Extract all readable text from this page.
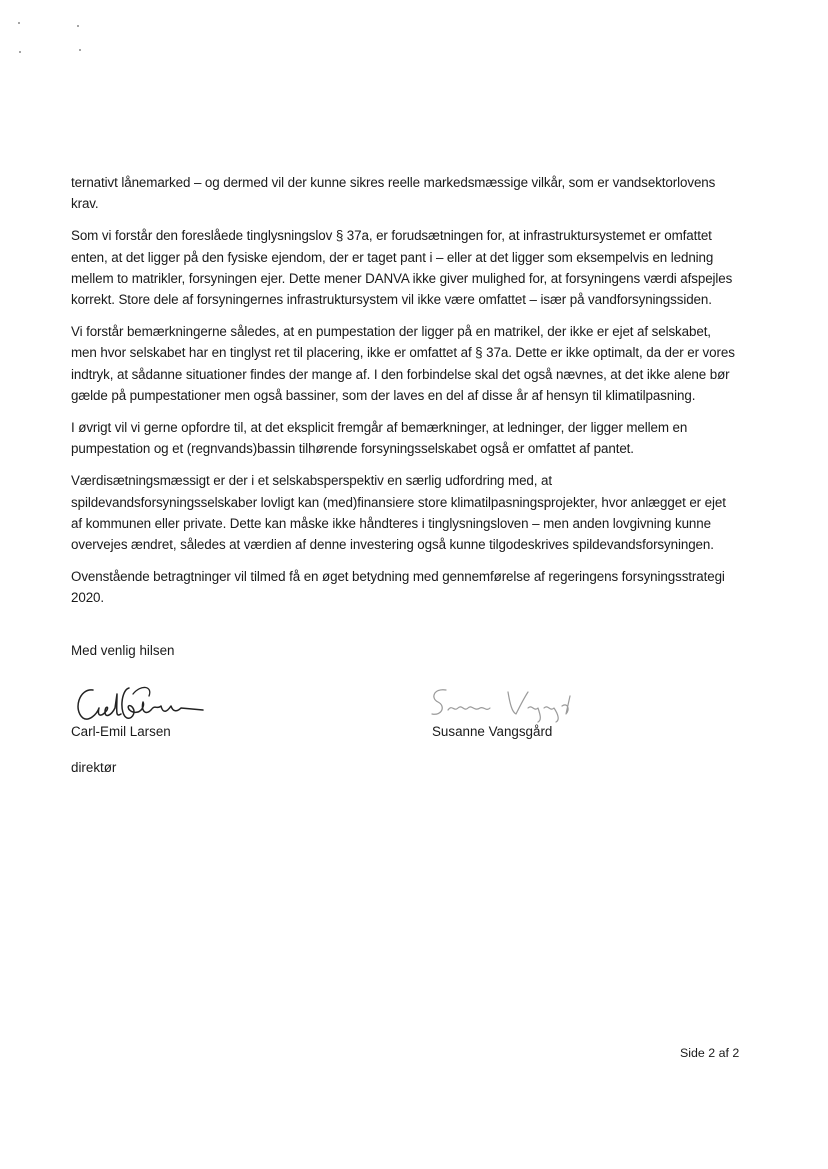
ternativt lånemarked – og dermed vil der kunne sikres reelle markedsmæssige vilkår, som er vandsektorlovens krav.

Som vi forstår den foreslåede tinglysningslov § 37a, er forudsætningen for, at infrastruktursystemet er omfattet enten, at det ligger på den fysiske ejendom, der er taget pant i – eller at det ligger som eksempelvis en ledning mellem to matrikler, forsyningen ejer. Dette mener DANVA ikke giver mulighed for, at forsyningens værdi afspejles korrekt. Store dele af forsyningernes infrastruktursystem vil ikke være omfattet – især på vandforsyningssiden.

Vi forstår bemærkningerne således, at en pumpestation der ligger på en matrikel, der ikke er ejet af selskabet, men hvor selskabet har en tinglyst ret til placering, ikke er omfattet af § 37a. Dette er ikke optimalt, da der er vores indtryk, at sådanne situationer findes der mange af. I den forbindelse skal det også nævnes, at det ikke alene bør gælde på pumpestationer men også bassiner, som der laves en del af disse år af hensyn til klimatilpasning.

I øvrigt vil vi gerne opfordre til, at det eksplicit fremgår af bemærkninger, at ledninger, der ligger mellem en pumpestation og et (regnvands)bassin tilhørende forsyningsselskabet også er omfattet af pantet.

Værdisætningsmæssigt er der i et selskabsperspektiv en særlig udfordring med, at spildevandsforsyningsselskaber lovligt kan (med)finansiere store klimatilpasningsprojekter, hvor anlægget er ejet af kommunen eller private. Dette kan måske ikke håndteres i tinglysningsloven – men anden lovgivning kunne overvejes ændret, således at værdien af denne investering også kunne tilgodeskrives spildevandsforsyningen.

Ovenstående betragtninger vil tilmed få en øget betydning med gennemførelse af regeringens forsyningsstrategi 2020.

Med venlig hilsen
Carl-Emil Larsen
direktør
Susanne Vangsgård
Side 2 af 2
